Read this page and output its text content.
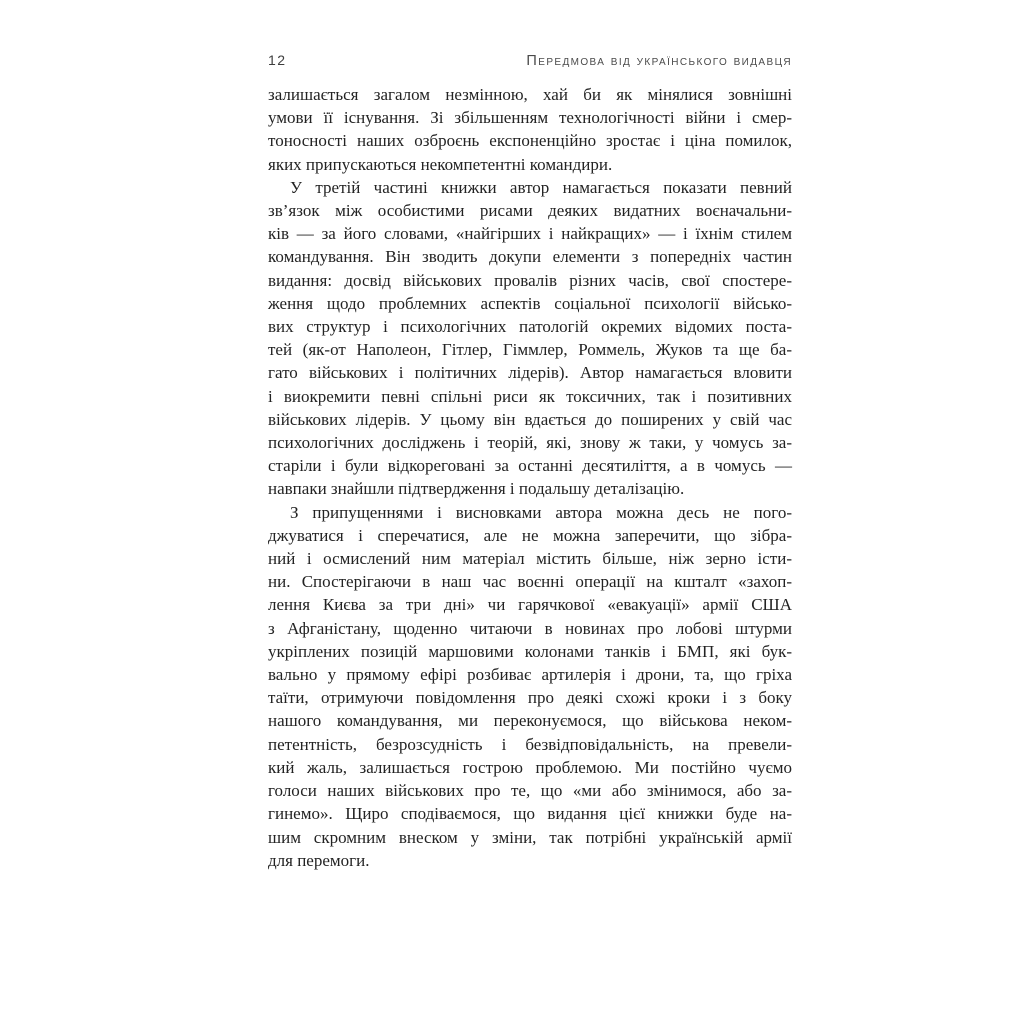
12	Передмова від українського видавця
залишається загалом незмінною, хай би як мінялися зовнішні
умови її існування. Зі збільшенням технологічності війни і смер-
тоносності наших озброєнь експоненційно зростає і ціна помилок,
яких припускаються некомпетентні командири.
У третій частині книжки автор намагається показати певний
зв’язок між особистими рисами деяких видатних воєначальни-
ків — за його словами, «найгірших і найкращих» — і їхнім стилем
командування. Він зводить докупи елементи з попередніх частин
видання: досвід військових провалів різних часів, свої спостере-
ження щодо проблемних аспектів соціальної психології військо-
вих структур і психологічних патологій окремих відомих поста-
тей (як-от Наполеон, Гітлер, Гіммлер, Роммель, Жуков та ще ба-
гато військових і політичних лідерів). Автор намагається вловити
і виокремити певні спільні риси як токсичних, так і позитивних
військових лідерів. У цьому він вдається до поширених у свій час
психологічних досліджень і теорій, які, знову ж таки, у чомусь за-
старіли і були відкореговані за останні десятиліття, а в чомусь —
навпаки знайшли підтвердження і подальшу деталізацію.
З припущеннями і висновками автора можна десь не пого-
джуватися і сперечатися, але не можна заперечити, що зібра-
ний і осмислений ним матеріал містить більше, ніж зерно істи-
ни. Спостерігаючи в наш час воєнні операції на кшталт «захоп-
лення Києва за три дні» чи гарячкової «евакуації» армії США
з Афганістану, щоденно читаючи в новинах про лобові штурми
укріплених позицій маршовими колонами танків і БМП, які бук-
вально у прямому ефірі розбиває артилерія і дрони, та, що гріха
таїти, отримуючи повідомлення про деякі схожі кроки і з боку
нашого командування, ми переконуємося, що військова неком-
петентність, безрозсудність і безвідповідальність, на превели-
кий жаль, залишається гострою проблемою. Ми постійно чуємо
голоси наших військових про те, що «ми або змінимося, або за-
гинемо». Щиро сподіваємося, що видання цієї книжки буде на-
шим скромним внеском у зміни, так потрібні українській армії
для перемоги.
